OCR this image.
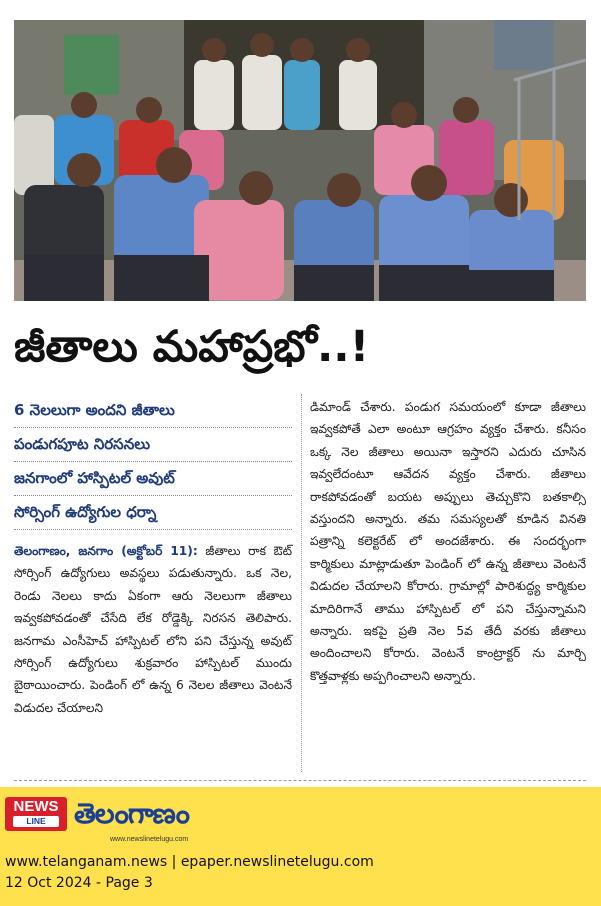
జీతాలు మహాప్రభో..!
6 నెలలుగా అందని జీతాలు
పండుగపూట నిరసనలు
జనగాంలో హాస్పిటల్ అవుట్
సోర్సింగ్ ఉద్యోగుల ధర్నా
తెలంగాణం, జనగాం (అక్టోబర్ 11): జీతాలు రాక ఔట్ సోర్సింగ్ ఉద్యోగులు అవస్థలు పడుతున్నారు. ఒక నెల, రెండు నెలలు కాదు ఏకంగా ఆరు నెలలుగా జీతాలు ఇవ్వకపోవడంతో చేసేది లేక రోడ్డెక్కి నిరసన తెలిపారు. జనగామ ఎంసీహెచ్ హాస్పిటల్ లోని పని చేస్తున్న అవుట్ సోర్సింగ్ ఉద్యోగులు శుక్రవారం హాస్పిటల్ ముందు బైఠాయించారు. పెండింగ్ లో ఉన్న 6 నెలల జీతాలు వెంటనే విడుదల చేయాలని
డిమాండ్ చేశారు. పండుగ సమయంలో కూడా జీతాలు ఇవ్వకపోతే ఎలా అంటూ ఆగ్రహం వ్యక్తం చేశారు. కనీసం ఒక్క నెల జీతాలు అయినా ఇస్తారని ఎదురు చూసిన ఇవ్వలేదంటూ ఆవేదన వ్యక్తం చేశారు. జీతాలు రాకపోవడంతో బయట అప్పులు తెచ్చుకొని బతకాల్సి వస్తుందని అన్నారు. తమ సమస్యలతో కూడిన వినతి పత్రాన్ని కలెక్టరేట్ లో అందజేశారు. ఈ సందర్భంగా కార్మికులు మాట్లాడుతూ పెండింగ్ లో ఉన్న జీతాలు వెంటనే విడుదల చేయాలని కోరారు. గ్రామాల్లో పారిశుద్ధ్య కార్మికుల మాదిరిగానే తాము హాస్పిటల్ లో పని చేస్తున్నామని అన్నారు. ఇకపై ప్రతి నెల 5వ తేదీ వరకు జీతాలు అందించాలని కోరారు. వెంటనే కాంట్రాక్టర్ ను మార్చి కొత్తవాళ్లకు అప్పగించాలని అన్నారు.
NEWS
LINE	తెలంగాణం
www.newslinetelugu.com
www.telanganam.news | epaper.newslinetelugu.com
12 Oct 2024 - Page 3
